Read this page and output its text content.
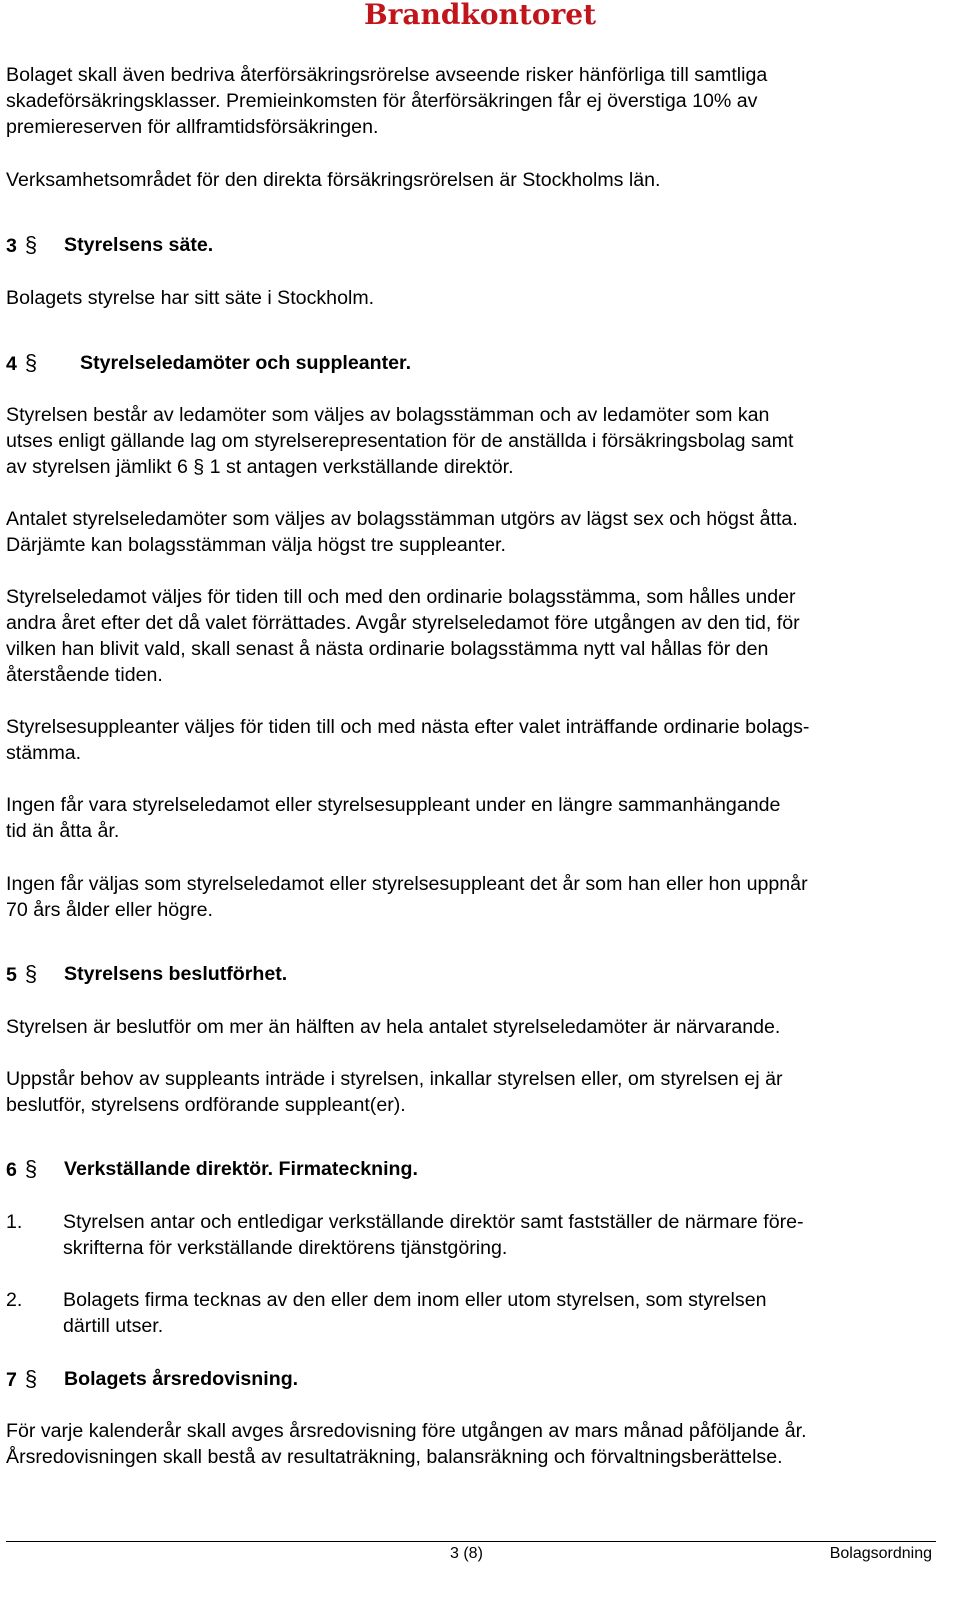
Brandkontoret

Bolaget skall även bedriva återförsäkringsrörelse avseende risker hänförliga till samtliga

skadeförsäkringsklasser. Premieinkomsten för återförsäkringen får ej överstiga 10% av

premiereserven för allframtidsförsäkringen.

Verksamhetsområdet för den direkta försäkringsrörelsen är Stockholms län.

3 § Styrelsens säte.

Bolagets styrelse har sitt säte i Stockholm.

4 § Styrelseledamöter och suppleanter.

Styrelsen består av ledamöter som väljes av bolagsstämman och av ledamöter som kan

utses enligt gällande lag om styrelserepresentation för de anställda i försäkringsbolag samt

av styrelsen jämlikt 6 § 1 st antagen verkställande direktör.

Antalet styrelseledamöter som väljes av bolagsstämman utgörs av lägst sex och högst åtta.

Därjämte kan bolagsstämman välja högst tre suppleanter.

Styrelseledamot väljes för tiden till och med den ordinarie bolagsstämma, som hålles under

andra året efter det då valet förrättades. Avgår styrelseledamot före utgången av den tid, för

vilken han blivit vald, skall senast å nästa ordinarie bolagsstämma nytt val hållas för den

återstående tiden.

Styrelsesuppleanter väljes för tiden till och med nästa efter valet inträffande ordinarie bolags-

stämma.

Ingen får vara styrelseledamot eller styrelsesuppleant under en längre sammanhängande

tid än åtta år.

Ingen får väljas som styrelseledamot eller styrelsesuppleant det år som han eller hon uppnår

70 års ålder eller högre.

5 § Styrelsens beslutförhet.

Styrelsen är beslutför om mer än hälften av hela antalet styrelseledamöter är närvarande.

Uppstår behov av suppleants inträde i styrelsen, inkallar styrelsen eller, om styrelsen ej är

beslutför, styrelsens ordförande suppleant(er).

6 § Verkställande direktör. Firmateckning.
1. Styrelsen antar och entledigar verkställande direktör samt fastställer de närmare före-
skrifterna för verkställande direktörens tjänstgöring.
2. Bolagets firma tecknas av den eller dem inom eller utom styrelsen, som styrelsen
därtill utser.
7 § Bolagets årsredovisning.

För varje kalenderår skall avges årsredovisning före utgången av mars månad påföljande år.

Årsredovisningen skall bestå av resultaträkning, balansräkning och förvaltningsberättelse.

3 (8)	Bolagsordning
